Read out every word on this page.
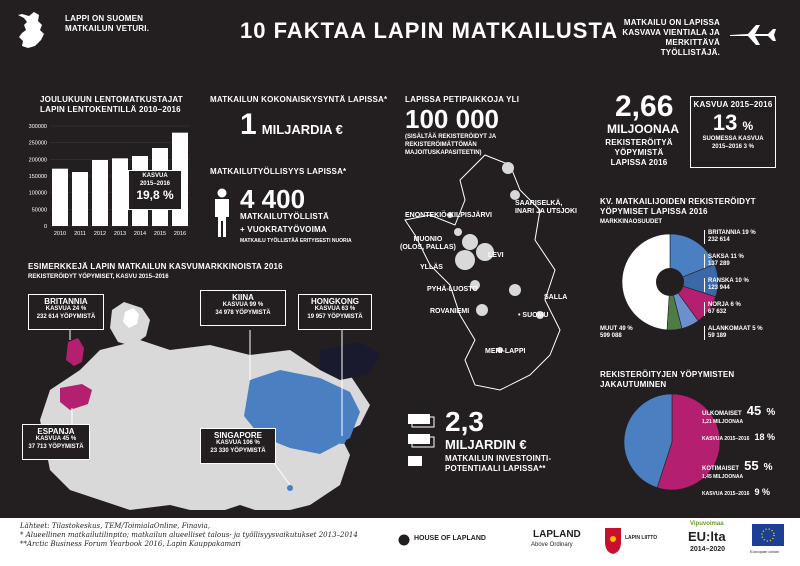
LAPPI ON SUOMEN
MATKAILUN VETURI.	10 FAKTAA LAPIN MATKAILUSTA MATKAILU ON LAPISSA
KASVAVA VIENTIALA JA
MERKITTÄVÄ TYÖLLISTÄJÄ.
JOULUKUUN LENTOMATKUSTAJAT
LAPIN LENTOKENTILLÄ 2010–2016
300000
250000
200000
150000
100000
50000
0
2010 2011 2012 2013 2014 2015 2016
KASVUA
2015–2016
19,8 %
MATKAILUN KOKONAISKYSYNTÄ LAPISSA*
1 MILJARDIA €
MATKAILUTYÖLLISYYS LAPISSA*
4 400
MATKAILUTYÖLLISTÄ
+ VUOKRATYÖVOIMA
MATKAILU TYÖLLISTÄÄ ERITYISESTI NUORIA
ESIMERKKEJÄ LAPIN MATKAILUN KASVUMARKKINOISTA 2016
REKISTERÖIDYT YÖPYMISET, KASVU 2015–2016
BRITANNIA
KASVUA 24 %
232 614 YÖPYMISTÄ
KIINA
KASVUA 99 %
34 978 YÖPYMISTÄ
HONGKONG
KASVUA 63 %
19 957 YÖPYMISTÄ
ESPANJA
KASVUA 45 %
37 713 YÖPYMISTÄ
SINGAPORE
KASVUA 106 %
23 330 YÖPYMISTÄ
LAPISSA PETIPAIKKOJA YLI
100 000
(SISÄLTÄÄ REKISTERÖIDYT JA
REKISTERÖIMÄTTÖMÄN
MAJOITUSKAPASITEETIN)
SAARISELKÄ,
INARI JA UTSJOKI
ENONTEKIÖ-KILPISJÄRVI
MUONIO
(OLOS, PALLAS)
LEVI
YLLÄS
PYHÄ-LUOSTO
SALLA
ROVANIEMI
• SUOMU
MERI-LAPPI
2,3
MILJARDIN €
MATKAILUN INVESTOINTI-
POTENTIAALI LAPISSA**
2,66
MILJOONAA
REKISTERÖITYÄ
YÖPYMISTÄ
LAPISSA 2016
KASVUA 2015–2016
13 %
SUOMESSA KASVUA
2015–2016 3 %
KV. MATKAILIJOIDEN REKISTERÖIDYT
YÖPYMISET LAPISSA 2016
MARKKINAOSUUDET
BRITANNIA 19 %
232 614
SAKSA 11 %
137 289
RANSKA 10 %
123 944
NORJA 6 %
67 632
ALANKOMAAT 5 %
59 189
MUUT 49 %
599 088
REKISTERÖITYJEN YÖPYMISTEN
JAKAUTUMINEN
ULKOMAISET 45 %
1,21 MILJOONAA
KASVUA 2015–2016 18 %
KOTIMAISET 55 %
1,45 MILJOONAA
KASVUA 2015–2016 9 %
Lähteet: Tilastokeskus, TEM/ToimialaOnline, Finavia,
* Alueellinen matkailutilinpito; matkailun alueelliset talous- ja työllisyysvaikutukset 2013–2014
**Arctic Business Forum Yearbook 2016, Lapin Kauppakamari
HOUSE OF LAPLAND	LAPLAND
Above Ordinary
LAPIN LIITTO
Vipuvoimaa
EU:lta
2014–2020	Euroopan unioni
